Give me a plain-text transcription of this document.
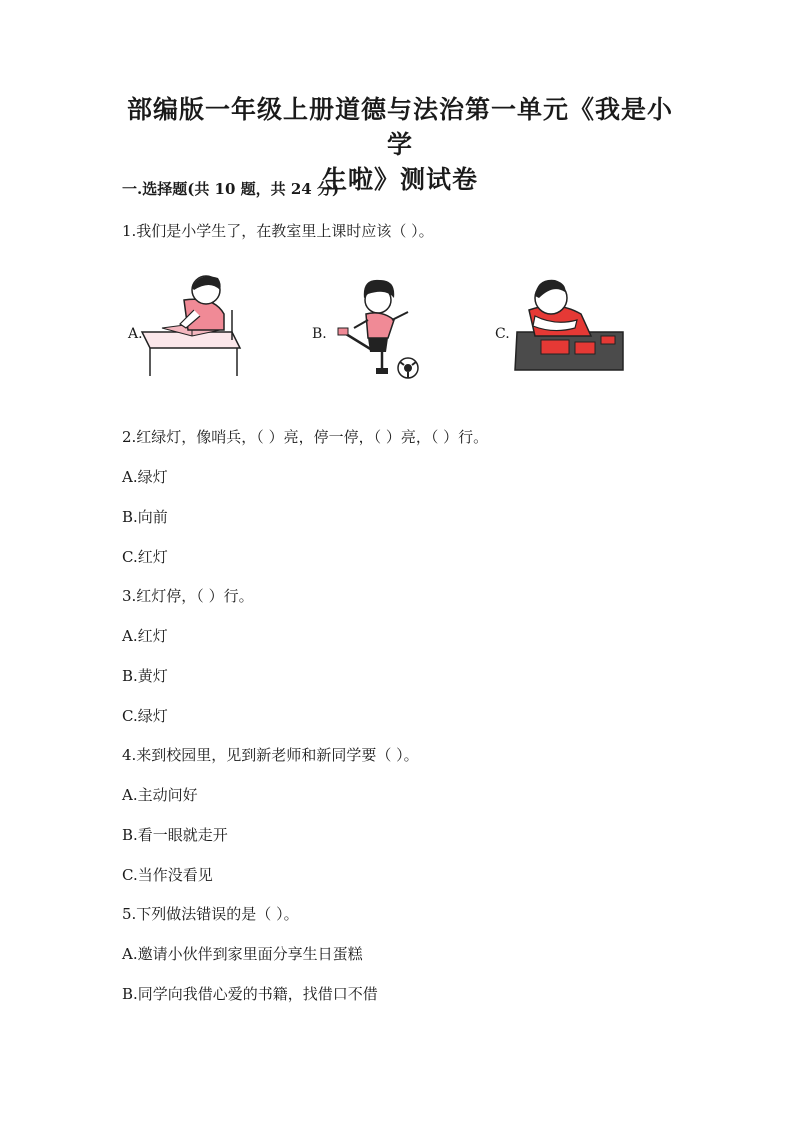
部编版一年级上册道德与法治第一单元《我是小学
生啦》测试卷
一.选择题(共 10 题，共 24 分)
1.我们是小学生了，在教室里上课时应该（ ）。
A.	B.	C.
2.红绿灯，像哨兵，（ ）亮，停一停，（ ）亮，（ ）行。
A.绿灯
B.向前
C.红灯
3.红灯停，（ ）行。
A.红灯
B.黄灯
C.绿灯
4.来到校园里，见到新老师和新同学要（ ）。
A.主动问好
B.看一眼就走开
C.当作没看见
5.下列做法错误的是（ ）。
A.邀请小伙伴到家里面分享生日蛋糕
B.同学向我借心爱的书籍，找借口不借
